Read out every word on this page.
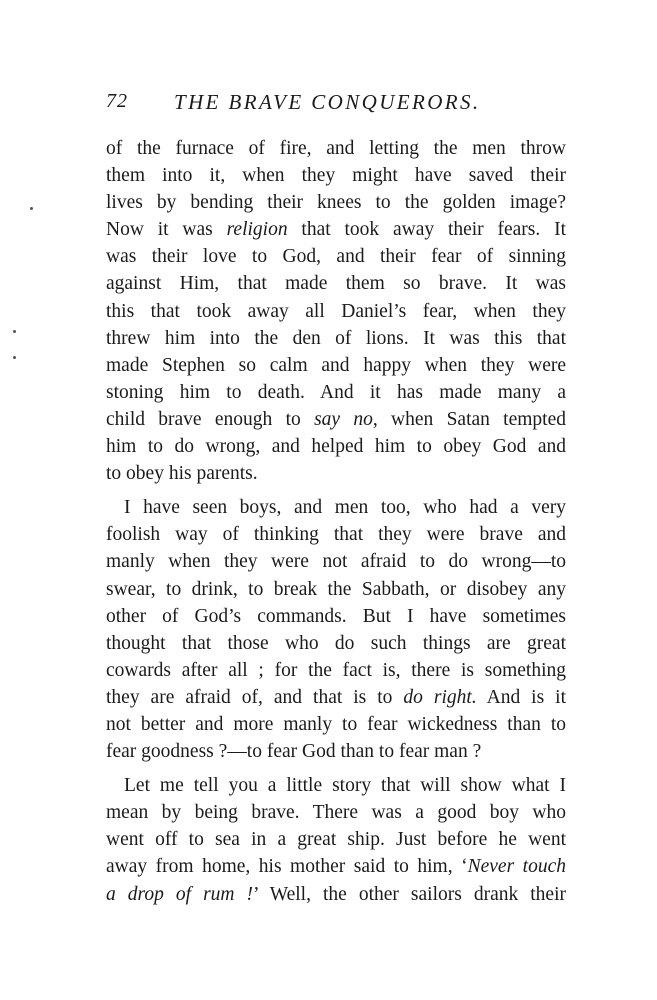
72 THE BRAVE CONQUERORS.
of the furnace of fire, and letting the men throw
them into it, when they might have saved their
lives by bending their knees to the golden image?
Now it was religion that took away their fears. It
was their love to God, and their fear of sinning
against Him, that made them so brave. It was
this that took away all Daniel’s fear, when they
threw him into the den of lions. It was this that
made Stephen so calm and happy when they were
stoning him to death. And it has made many a
child brave enough to say no, when Satan tempted
him to do wrong, and helped him to obey God and
to obey his parents.
I have seen boys, and men too, who had a very
foolish way of thinking that they were brave and
manly when they were not afraid to do wrong—to
swear, to drink, to break the Sabbath, or disobey any
other of God’s commands. But I have sometimes
thought that those who do such things are great
cowards after all ; for the fact is, there is something
they are afraid of, and that is to do right. And is it
not better and more manly to fear wickedness than to
fear goodness ?—to fear God than to fear man ?
Let me tell you a little story that will show what I
mean by being brave. There was a good boy who
went off to sea in a great ship. Just before he went
away from home, his mother said to him, ‘Never touch
a drop of rum !’ Well, the other sailors drank their
